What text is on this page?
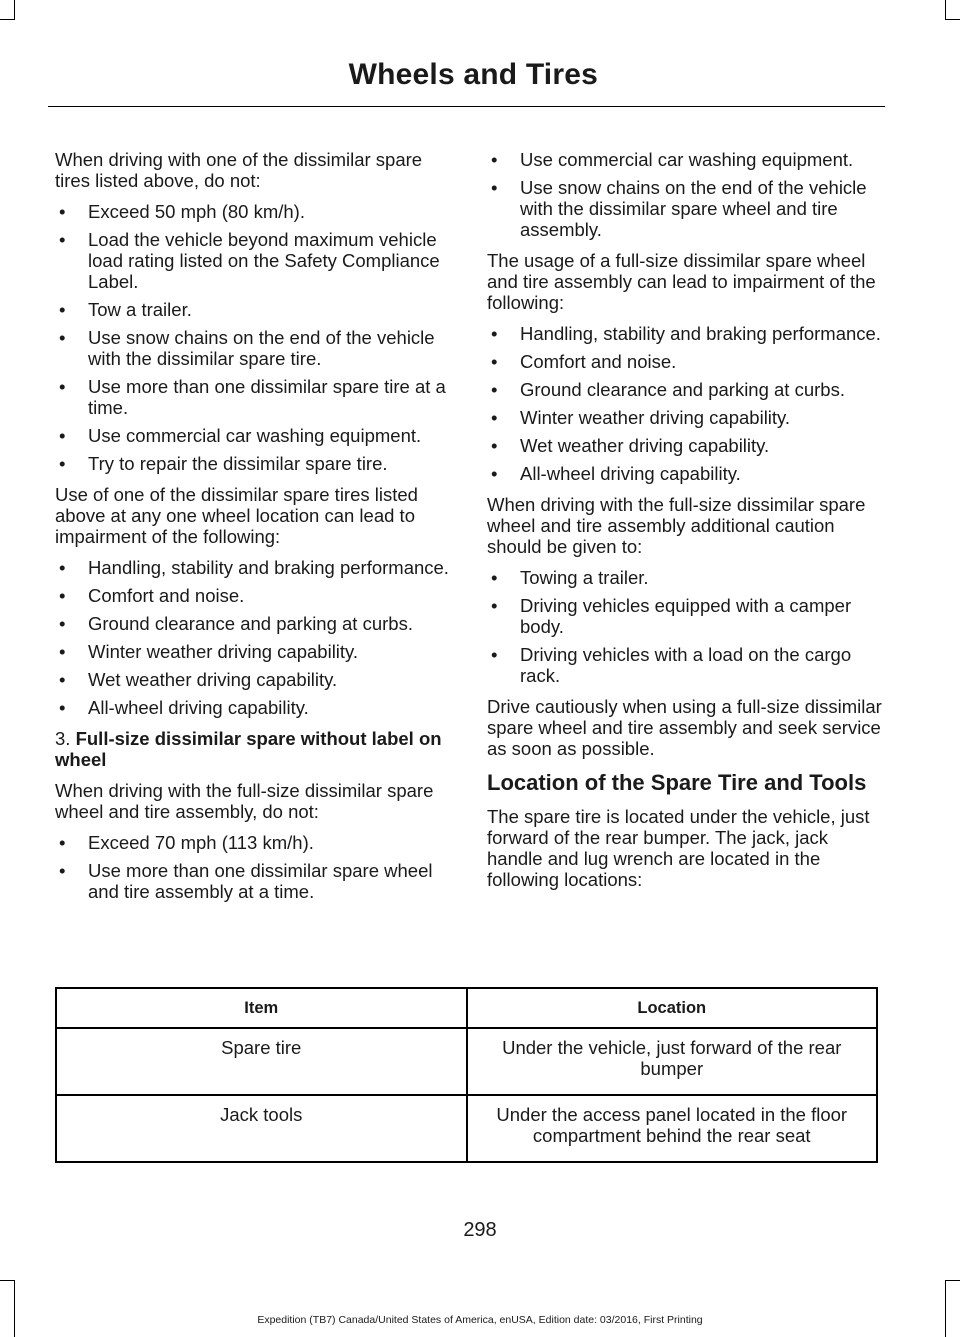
Wheels and Tires

When driving with one of the dissimilar spare tires listed above, do not:

• Exceed 50 mph (80 km/h).
• Load the vehicle beyond maximum vehicle load rating listed on the Safety Compliance Label.
• Tow a trailer.
• Use snow chains on the end of the vehicle with the dissimilar spare tire.
• Use more than one dissimilar spare tire at a time.
• Use commercial car washing equipment.
• Try to repair the dissimilar spare tire.

Use of one of the dissimilar spare tires listed above at any one wheel location can lead to impairment of the following:

• Handling, stability and braking performance.
• Comfort and noise.
• Ground clearance and parking at curbs.
• Winter weather driving capability.
• Wet weather driving capability.
• All-wheel driving capability.
3. Full-size dissimilar spare without label on wheel

When driving with the full-size dissimilar spare wheel and tire assembly, do not:

• Exceed 70 mph (113 km/h).
• Use more than one dissimilar spare wheel and tire assembly at a time.
• Use commercial car washing equipment.
• Use snow chains on the end of the vehicle with the dissimilar spare wheel and tire assembly.

The usage of a full-size dissimilar spare wheel and tire assembly can lead to impairment of the following:

• Handling, stability and braking performance.
• Comfort and noise.
• Ground clearance and parking at curbs.
• Winter weather driving capability.
• Wet weather driving capability.
• All-wheel driving capability.

When driving with the full-size dissimilar spare wheel and tire assembly additional caution should be given to:

• Towing a trailer.
• Driving vehicles equipped with a camper body.
• Driving vehicles with a load on the cargo rack.

Drive cautiously when using a full-size dissimilar spare wheel and tire assembly and seek service as soon as possible.

Location of the Spare Tire and Tools

The spare tire is located under the vehicle, just forward of the rear bumper. The jack, jack handle and lug wrench are located in the following locations:

Item	Location
Spare tire	Under the vehicle, just forward of the rear bumper
Jack tools	Under the access panel located in the floor compartment behind the rear seat
298
Expedition (TB7) Canada/United States of America, enUSA, Edition date: 03/2016, First Printing
